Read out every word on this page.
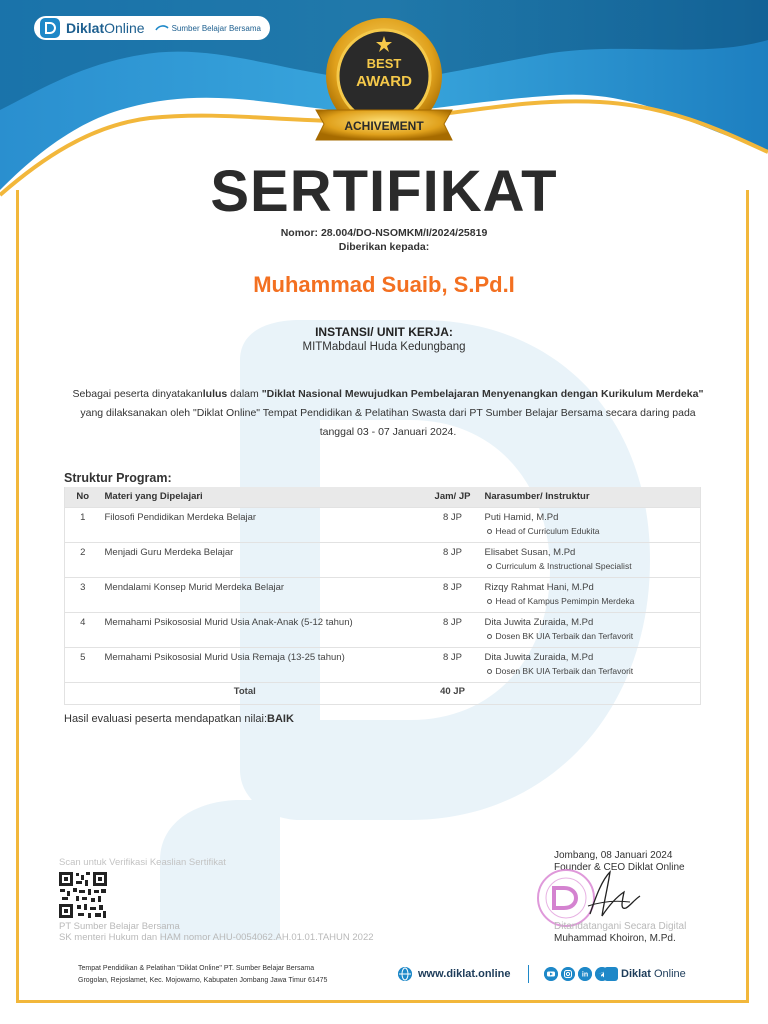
DiklatOnline	Sumber Belajar Bersama
BEST
AWARD
ACHIVEMENT
SERTIFIKAT
Nomor: 28.004/DO-NSOMKM/I/2024/25819
Diberikan kepada:
Muhammad Suaib, S.Pd.I
INSTANSI/ UNIT KERJA:
MITMabdaul Huda Kedungbang
Sebagai peserta dinyatakanlulus dalam "Diklat Nasional Mewujudkan Pembelajaran Menyenangkan dengan Kurikulum Merdeka" yang dilaksanakan oleh "Diklat Online" Tempat Pendidikan & Pelatihan Swasta dari PT Sumber Belajar Bersama secara daring pada tanggal 03 - 07 Januari 2024.
Struktur Program:
No	Materi yang Dipelajari	Jam/ JP	Narasumber/ Instruktur
1	Filosofi Pendidikan Merdeka Belajar	8 JP	Puti Hamid, M.Pd
Head of Curriculum Edukita

2	Menjadi Guru Merdeka Belajar	8 JP	Elisabet Susan, M.Pd
Curriculum & Instructional Specialist

3	Mendalami Konsep Murid Merdeka Belajar	8 JP	Rizqy Rahmat Hani, M.Pd
Head of Kampus Pemimpin Merdeka

4	Memahami Psikososial Murid Usia Anak-Anak (5-12 tahun)	8 JP	Dita Juwita Zuraida, M.Pd
Dosen BK UIA Terbaik dan Terfavorit

5	Memahami Psikososial Murid Usia Remaja (13-25 tahun)	8 JP	Dita Juwita Zuraida, M.Pd
Dosen BK UIA Terbaik dan Terfavorit

Total		40 JP	
Hasil evaluasi peserta mendapatkan nilai:BAIK
Scan untuk Verifikasi Keaslian Sertifikat
PT Sumber Belajar Bersama
SK menteri Hukum dan HAM nomor AHU-0054062.AH.01.01.TAHUN 2022
Jombang, 08 Januari 2024
Founder & CEO Diklat Online
Ditandatangani Secara Digital
Muhammad Khoiron, M.Pd.
Tempat Pendidikan & Pelatihan "Diklat Online" PT. Sumber Belajar Bersama
Grogolan, Rejoslamet, Kec. Mojowarno, Kabupaten Jombang Jawa Timur 61475
www.diklat.online	in	Diklat Online
